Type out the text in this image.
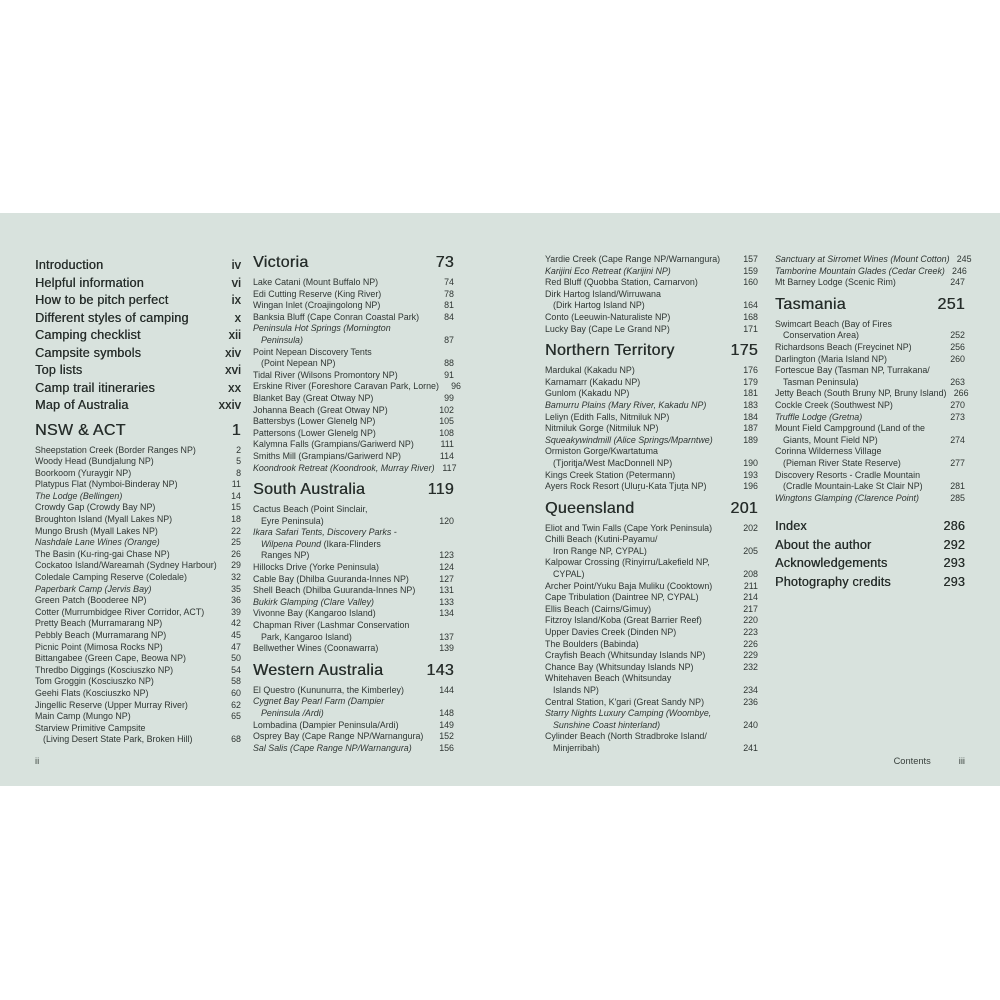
Introduction	iv
Helpful information	vi
How to be pitch perfect	ix
Different styles of camping	x
Camping checklist	xii
Campsite symbols	xiv
Top lists	xvi
Camp trail itineraries	xx
Map of Australia	xxiv
NSW & ACT	1
Sheepstation Creek (Border Ranges NP)	2
Woody Head (Bundjalung NP)	5
Boorkoom (Yuraygir NP)	8
Platypus Flat (Nymboi-Binderay NP)	11
The Lodge (Bellingen)	14
Crowdy Gap (Crowdy Bay NP)	15
Broughton Island (Myall Lakes NP)	18
Mungo Brush (Myall Lakes NP)	22
Nashdale Lane Wines (Orange)	25
The Basin (Ku-ring-gai Chase NP)	26
Cockatoo Island/Wareamah (Sydney Harbour)	29
Coledale Camping Reserve (Coledale)	32
Paperbark Camp (Jervis Bay)	35
Green Patch (Booderee NP)	36
Cotter (Murrumbidgee River Corridor, ACT)	39
Pretty Beach (Murramarang NP)	42
Pebbly Beach (Murramarang NP)	45
Picnic Point (Mimosa Rocks NP)	47
Bittangabee (Green Cape, Beowa NP)	50
Thredbo Diggings (Kosciuszko NP)	54
Tom Groggin (Kosciuszko NP)	58
Geehi Flats (Kosciuszko NP)	60
Jingellic Reserve (Upper Murray River)	62
Main Camp (Mungo NP)	65
Starview Primitive Campsite
(Living Desert State Park, Broken Hill)	68
Victoria	73
Lake Catani (Mount Buffalo NP)	74
Edi Cutting Reserve (King River)	78
Wingan Inlet (Croajingolong NP)	81
Banksia Bluff (Cape Conran Coastal Park)	84
Peninsula Hot Springs (Mornington
Peninsula)	87
Point Nepean Discovery Tents
(Point Nepean NP)	88
Tidal River (Wilsons Promontory NP)	91
Erskine River (Foreshore Caravan Park, Lorne)	96
Blanket Bay (Great Otway NP)	99
Johanna Beach (Great Otway NP)	102
Battersbys (Lower Glenelg NP)	105
Pattersons (Lower Glenelg NP)	108
Kalymna Falls (Grampians/Gariwerd NP)	111
Smiths Mill (Grampians/Gariwerd NP)	114
Koondrook Retreat (Koondrook, Murray River) 117
South Australia	119
Cactus Beach (Point Sinclair,
Eyre Peninsula)	120
Ikara Safari Tents, Discovery Parks -
Wilpena Pound (Ikara-Flinders
Ranges NP)	123
Hillocks Drive (Yorke Peninsula)	124
Cable Bay (Dhilba Guuranda-Innes NP)	127
Shell Beach (Dhilba Guuranda-Innes NP)	131
Bukirk Glamping (Clare Valley)	133
Vivonne Bay (Kangaroo Island)	134
Chapman River (Lashmar Conservation
Park, Kangaroo Island)	137
Bellwether Wines (Coonawarra)	139
Western Australia	143
El Questro (Kununurra, the Kimberley)	144
Cygnet Bay Pearl Farm (Dampier
Peninsula /Ardi)	148
Lombadina (Dampier Peninsula/Ardi)	149
Osprey Bay (Cape Range NP/Warnangura)	152
Sal Salis (Cape Range NP/Warnangura)	156
Yardie Creek (Cape Range NP/Warnangura)	157
Karijini Eco Retreat (Karijini NP)	159
Red Bluff (Quobba Station, Carnarvon)	160
Dirk Hartog Island/Wirruwana
(Dirk Hartog Island NP)	164
Conto (Leeuwin-Naturaliste NP)	168
Lucky Bay (Cape Le Grand NP)	171
Northern Territory	175
Mardukal (Kakadu NP)	176
Karnamarr (Kakadu NP)	179
Gunlom (Kakadu NP)	181
Bamurru Plains (Mary River, Kakadu NP)	183
Leliyn (Edith Falls, Nitmiluk NP)	184
Nitmiluk Gorge (Nitmiluk NP)	187
Squeakywindmill (Alice Springs/Mparntwe)	189
Ormiston Gorge/Kwartatuma
(Tjoritja/West MacDonnell NP)	190
Kings Creek Station (Petermann)	193
Ayers Rock Resort (Uluṟu-Kata Tjuṯa NP)	196
Queensland	201
Eliot and Twin Falls (Cape York Peninsula)	202
Chilli Beach (Kutini-Payamu/
Iron Range NP, CYPAL)	205
Kalpowar Crossing (Rinyirru/Lakefield NP,
CYPAL)	208
Archer Point/Yuku Baja Muliku (Cooktown)	211
Cape Tribulation (Daintree NP, CYPAL)	214
Ellis Beach (Cairns/Gimuy)	217
Fitzroy Island/Koba (Great Barrier Reef)	220
Upper Davies Creek (Dinden NP)	223
The Boulders (Babinda)	226
Crayfish Beach (Whitsunday Islands NP)	229
Chance Bay (Whitsunday Islands NP)	232
Whitehaven Beach (Whitsunday
Islands NP)	234
Central Station, K'gari (Great Sandy NP)	236
Starry Nights Luxury Camping (Woombye,
Sunshine Coast hinterland)	240
Cylinder Beach (North Stradbroke Island/
Minjerribah)	241
Sanctuary at Sirromet Wines (Mount Cotton) 245
Tamborine Mountain Glades (Cedar Creek) 246
Mt Barney Lodge (Scenic Rim)	247
Tasmania	251
Swimcart Beach (Bay of Fires
Conservation Area)	252
Richardsons Beach (Freycinet NP)	256
Darlington (Maria Island NP)	260
Fortescue Bay (Tasman NP, Turrakana/
Tasman Peninsula)	263
Jetty Beach (South Bruny NP, Bruny Island) 266
Cockle Creek (Southwest NP)	270
Truffle Lodge (Gretna)	273
Mount Field Campground (Land of the
Giants, Mount Field NP)	274
Corinna Wilderness Village
(Pieman River State Reserve)	277
Discovery Resorts - Cradle Mountain
(Cradle Mountain-Lake St Clair NP)	281
Wingtons Glamping (Clarence Point)	285
Index	286
About the author	292
Acknowledgements	293
Photography credits	293
ii	Contents	iii
